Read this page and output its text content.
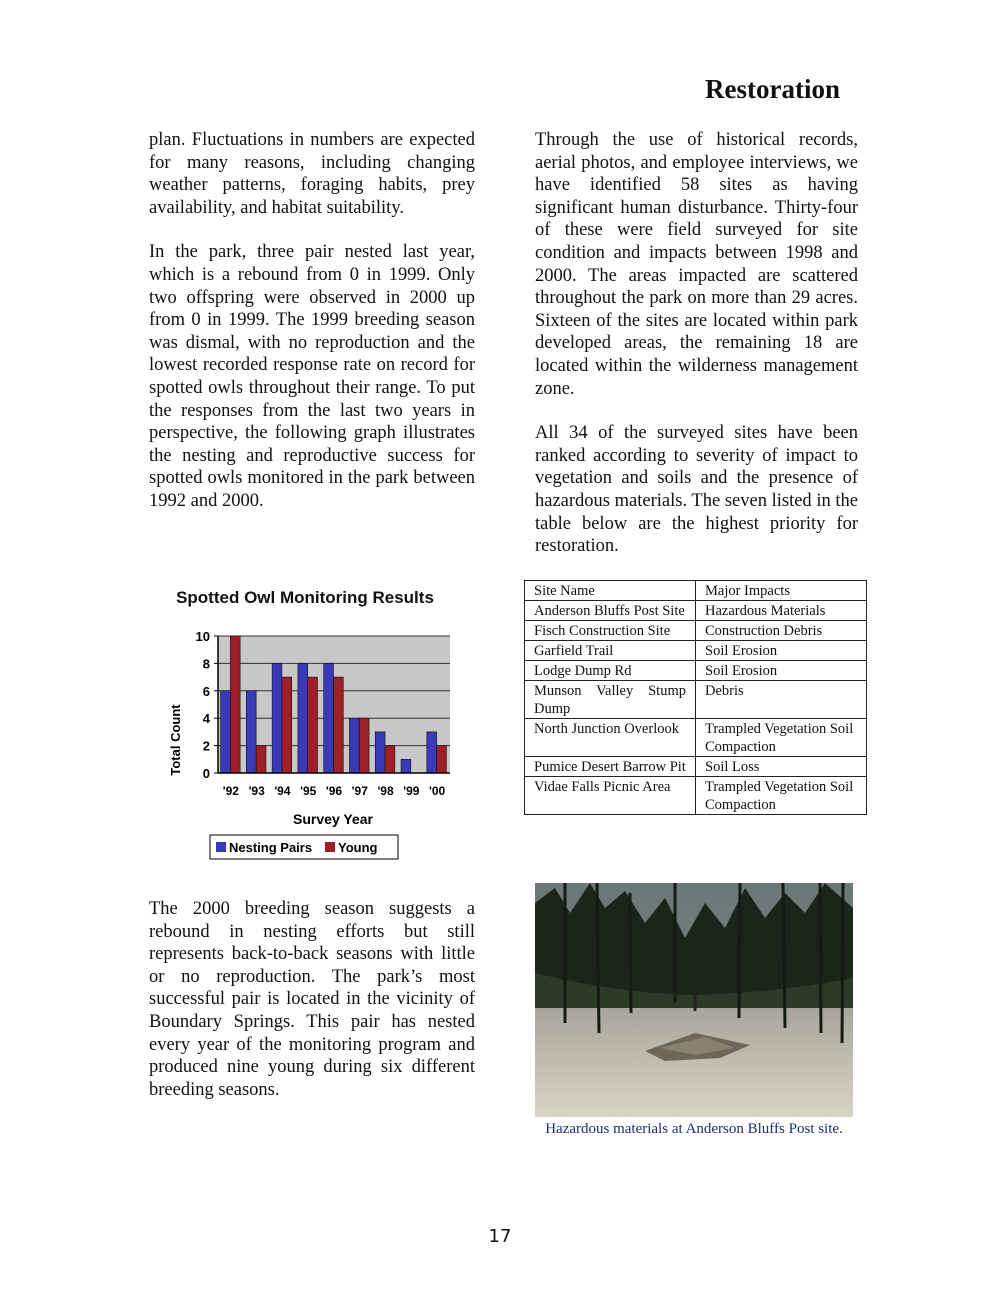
Restoration

plan. Fluctuations in numbers are expected for many reasons, including changing weather patterns, foraging habits, prey availability, and habitat suitability.

In the park, three pair nested last year, which is a rebound from 0 in 1999. Only two offspring were observed in 2000 up from 0 in 1999. The 1999 breeding season was dismal, with no reproduction and the lowest recorded response rate on record for spotted owls throughout their range. To put the responses from the last two years in perspective, the following graph illustrates the nesting and reproductive success for spotted owls monitored in the park between 1992 and 2000.

Through the use of historical records, aerial photos, and employee interviews, we have identified 58 sites as having significant human disturbance. Thirty-four of these were field surveyed for site condition and impacts between 1998 and 2000. The areas impacted are scattered throughout the park on more than 29 acres. Sixteen of the sites are located within park developed areas, the remaining 18 are located within the wilderness management zone.

All 34 of the surveyed sites have been ranked according to severity of impact to vegetation and soils and the presence of hazardous materials. The seven listed in the table below are the highest priority for restoration.

Spotted Owl Monitoring Results
0
2
4
6
8
10
'92 '93 '94 '95 '96 '97 '98 '99 '00
Total Count
Survey Year
Nesting Pairs Young

The 2000 breeding season suggests a rebound in nesting efforts but still represents back-to-back seasons with little or no reproduction. The park’s most successful pair is located in the vicinity of Boundary Springs. This pair has nested every year of the monitoring program and produced nine young during six different breeding seasons.

Site Name	Major Impacts
Anderson Bluffs Post Site	Hazardous Materials
Fisch Construction Site	Construction Debris
Garfield Trail	Soil Erosion
Lodge Dump Rd	Soil Erosion
Munson Valley Stump Dump	Debris
North Junction Overlook	Trampled Vegetation Soil Compaction
Pumice Desert Barrow Pit	Soil Loss
Vidae Falls Picnic Area	Trampled Vegetation Soil Compaction
Hazardous materials at Anderson Bluffs Post site.
17
